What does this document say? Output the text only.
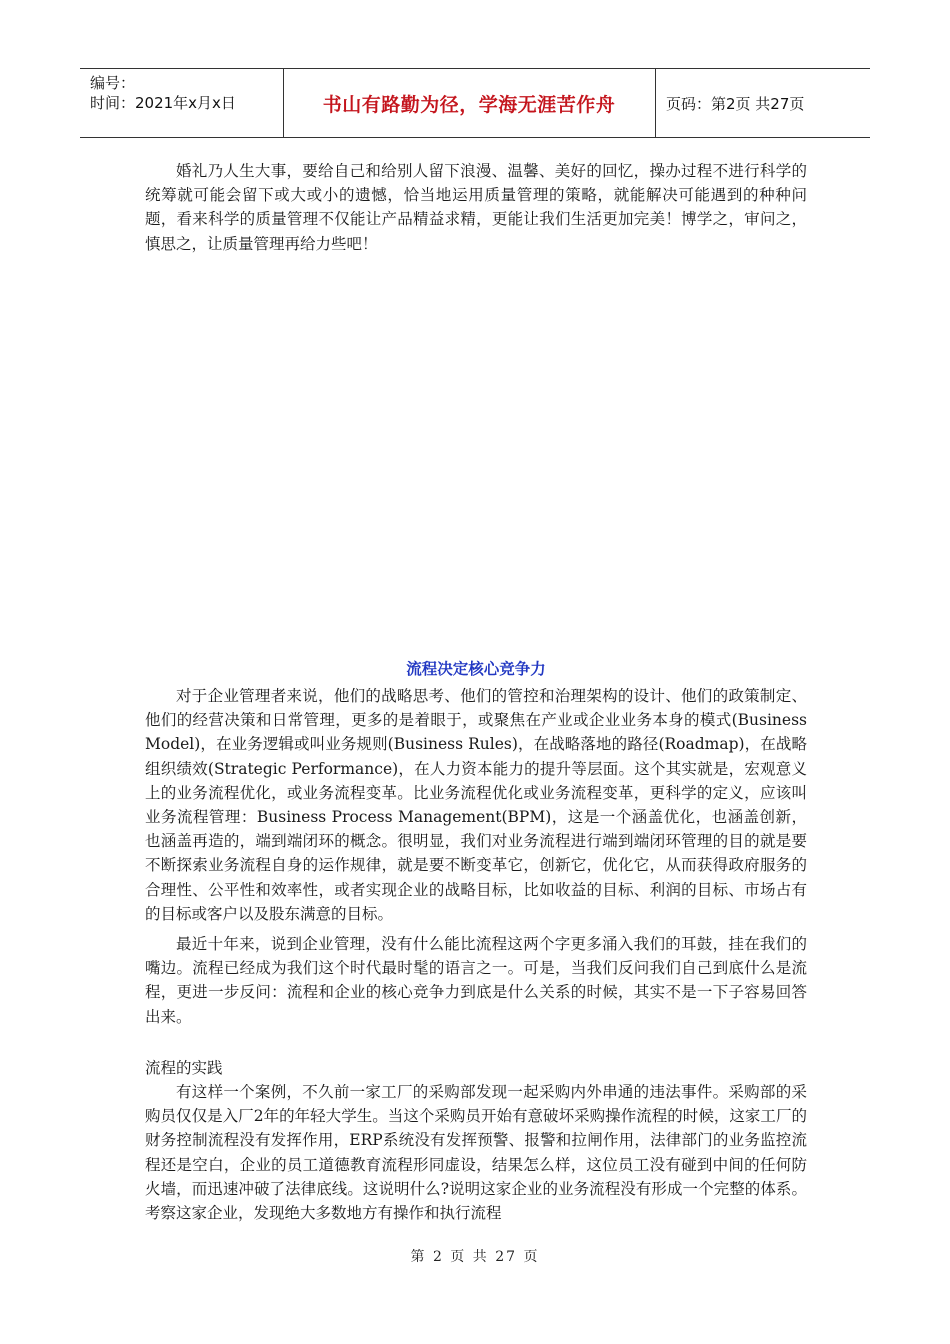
编号：
时间：2021年x月x日	书山有路勤为径，学海无涯苦作舟	页码：第2页 共27页

婚礼乃人生大事，要给自己和给别人留下浪漫、温馨、美好的回忆，操办过程不进行科学的统筹就可能会留下或大或小的遗憾，恰当地运用质量管理的策略，就能解决可能遇到的种种问题，看来科学的质量管理不仅能让产品精益求精，更能让我们生活更加完美！博学之，审问之，慎思之，让质量管理再给力些吧！

流程决定核心竞争力

对于企业管理者来说，他们的战略思考、他们的管控和治理架构的设计、他们的政策制定、他们的经营决策和日常管理，更多的是着眼于，或聚焦在产业或企业业务本身的模式(Business Model)，在业务逻辑或叫业务规则(Business Rules)，在战略落地的路径(Roadmap)，在战略组织绩效(Strategic Performance)，在人力资本能力的提升等层面。这个其实就是，宏观意义上的业务流程优化，或业务流程变革。比业务流程优化或业务流程变革，更科学的定义，应该叫业务流程管理：Business Process Management(BPM)，这是一个涵盖优化，也涵盖创新，也涵盖再造的，端到端闭环的概念。很明显，我们对业务流程进行端到端闭环管理的目的就是要不断探索业务流程自身的运作规律，就是要不断变革它，创新它，优化它，从而获得政府服务的合理性、公平性和效率性，或者实现企业的战略目标，比如收益的目标、利润的目标、市场占有的目标或客户以及股东满意的目标。

最近十年来，说到企业管理，没有什么能比流程这两个字更多涌入我们的耳鼓，挂在我们的嘴边。流程已经成为我们这个时代最时髦的语言之一。可是，当我们反问我们自己到底什么是流程，更进一步反问：流程和企业的核心竞争力到底是什么关系的时候，其实不是一下子容易回答出来。

流程的实践

有这样一个案例，不久前一家工厂的采购部发现一起采购内外串通的违法事件。采购部的采购员仅仅是入厂2年的年轻大学生。当这个采购员开始有意破坏采购操作流程的时候，这家工厂的财务控制流程没有发挥作用，ERP系统没有发挥预警、报警和拉闸作用，法律部门的业务监控流程还是空白，企业的员工道德教育流程形同虚设，结果怎么样，这位员工没有碰到中间的任何防火墙，而迅速冲破了法律底线。这说明什么?说明这家企业的业务流程没有形成一个完整的体系。考察这家企业，发现绝大多数地方有操作和执行流程

第 2 页 共 27 页
